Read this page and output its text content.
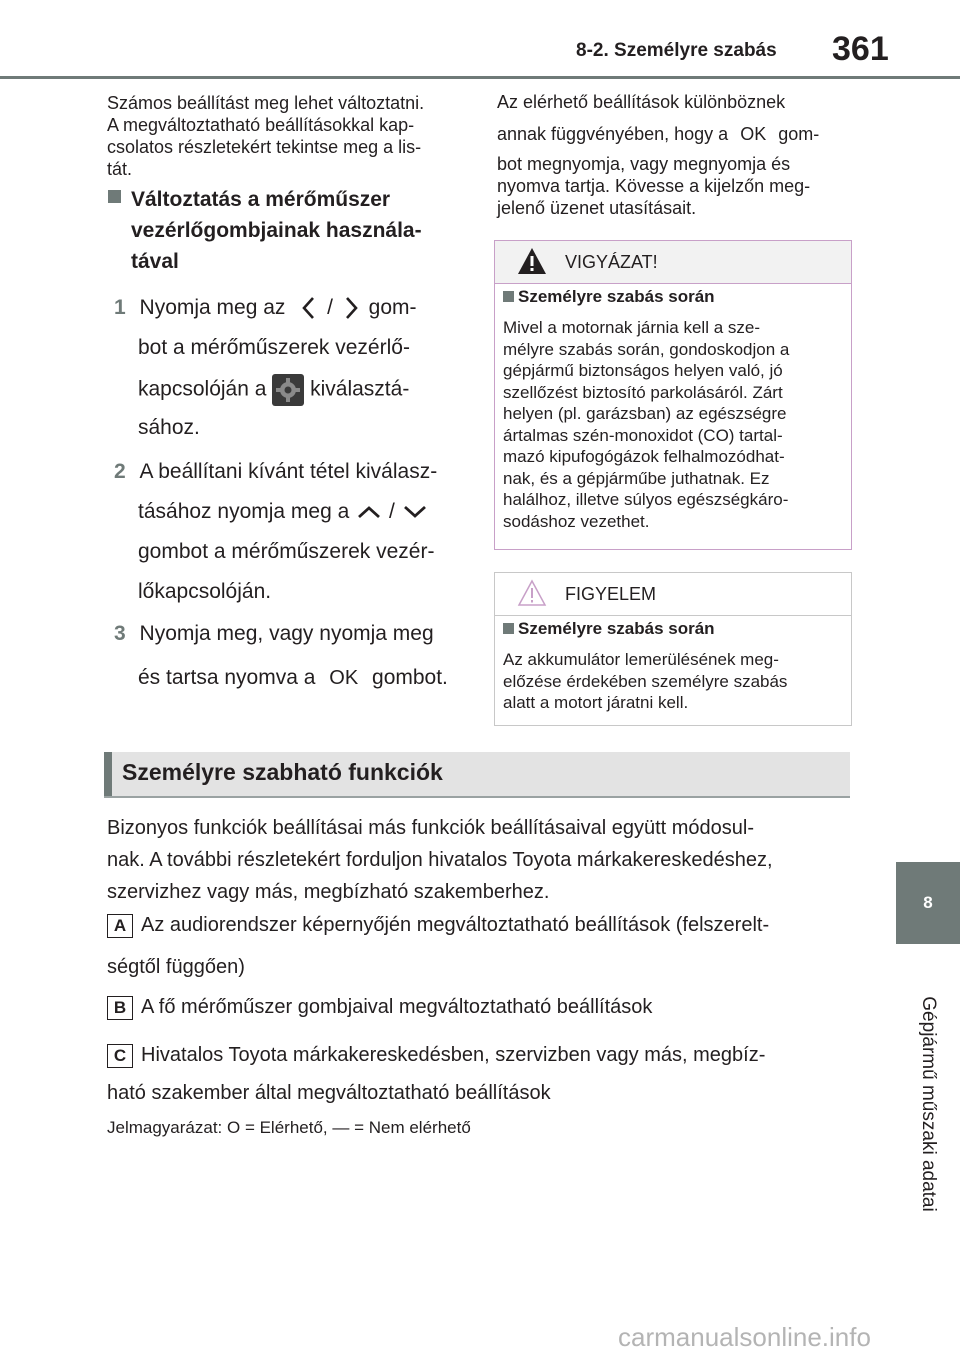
8-2. Személyre szabás 361
8
Gépjármű műszaki adatai
Számos beállítást meg lehet változtatni.
A megváltoztatható beállításokkal kap-
csolatos részletekért tekintse meg a lis-
tát.
Változtatás a mérőműszer
vezérlőgombjainak használa-
tával
1 Nyomja meg az / gom-
bot a mérőműszerek vezérlő-
kapcsolóján a kiválasztá-
sához.
2 A beállítani kívánt tétel kiválasz-
tásához nyomja meg a /
gombot a mérőműszerek vezér-
lőkapcsolóján.
3 Nyomja meg, vagy nyomja meg
és tartsa nyomva a OK gombot.
Az elérhető beállítások különböznek
annak függvényében, hogy a OK gom-
bot megnyomja, vagy megnyomja és
nyomva tartja. Kövesse a kijelzőn meg-
jelenő üzenet utasításait.
VIGYÁZAT!
Személyre szabás során
Mivel a motornak járnia kell a sze-
mélyre szabás során, gondoskodjon a
gépjármű biztonságos helyen való, jó
szellőzést biztosító parkolásáról. Zárt
helyen (pl. garázsban) az egészségre
ártalmas szén-monoxidot (CO) tartal-
mazó kipufogógázok felhalmozódhat-
nak, és a gépjárműbe juthatnak. Ez
halálhoz, illetve súlyos egészségkáro-
sodáshoz vezethet.
FIGYELEM
Személyre szabás során
Az akkumulátor lemerülésének meg-
előzése érdekében személyre szabás
alatt a motort járatni kell.
Személyre szabható funkciók
Bizonyos funkciók beállításai más funkciók beállításaival együtt módosul-
nak. A további részletekért forduljon hivatalos Toyota márkakereskedéshez,
szervizhez vagy más, megbízható szakemberhez.
A Az audiorendszer képernyőjén megváltoztatható beállítások (felszerelt-
ségtől függően)
B A fő mérőműszer gombjaival megváltoztatható beállítások
C Hivatalos Toyota márkakereskedésben, szervizben vagy más, megbíz-
ható szakember által megváltoztatható beállítások
Jelmagyarázat: O = Elérhető, — = Nem elérhető
carmanualsonline.info
